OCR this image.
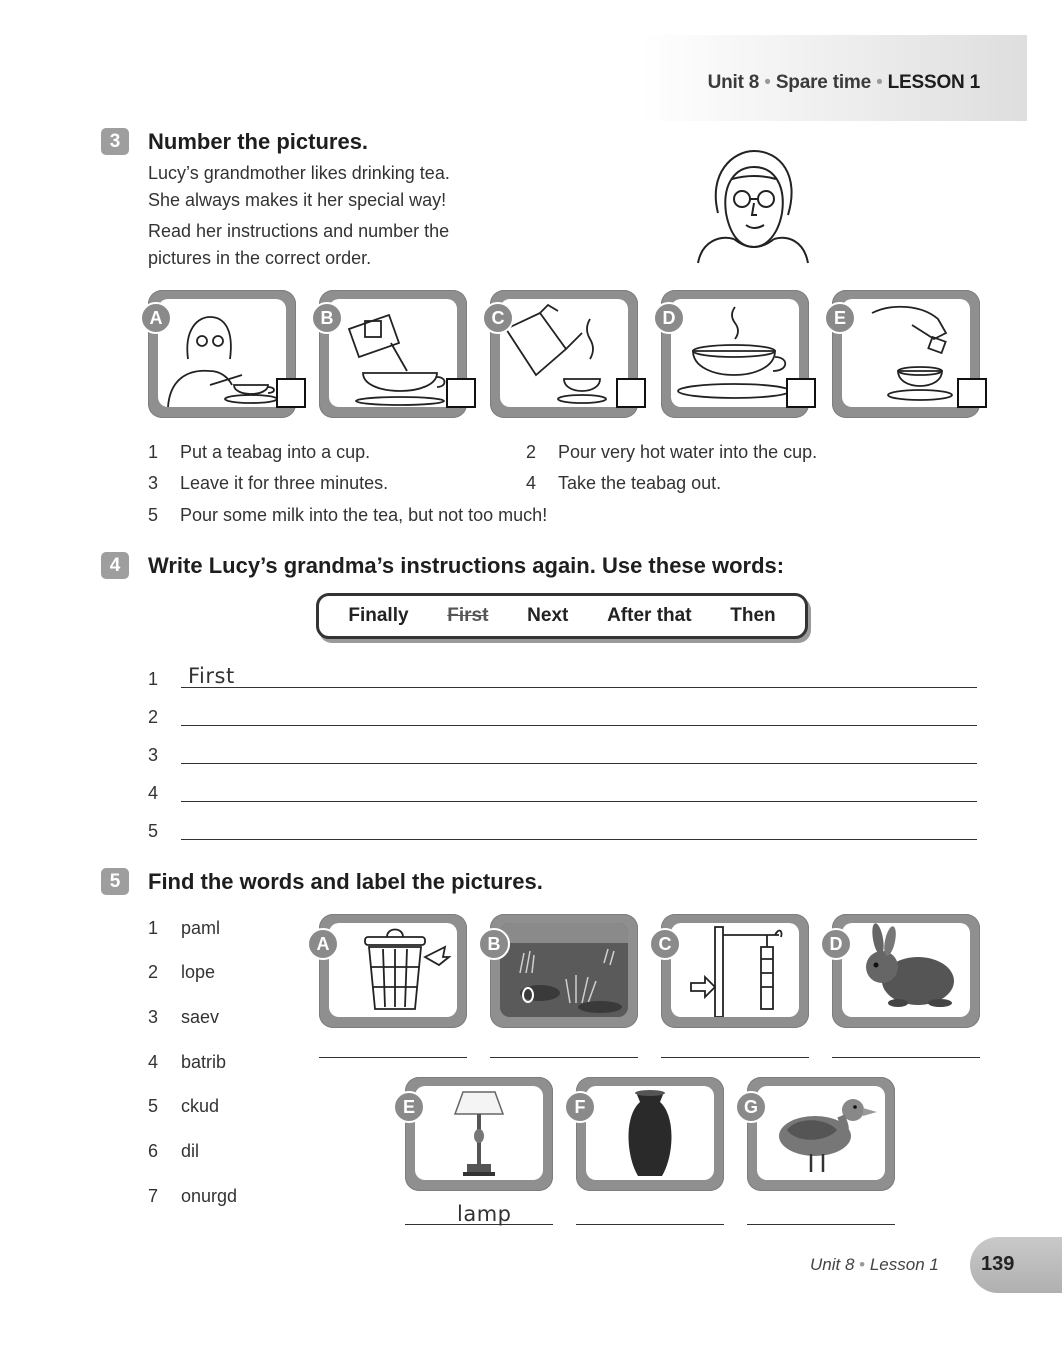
Unit 8 • Spare time • LESSON 1
3	Number the pictures.
Lucy’s grandmother likes drinking tea.
She always makes it her special way!
Read her instructions and number the
pictures in the correct order.
A	B	C	D	E
1 Put a teabag into a cup.	2 Pour very hot water into the cup.
3 Leave it for three minutes.	4 Take the teabag out.
5 Pour some milk into the tea, but not too much!
4	Write Lucy’s grandma’s instructions again. Use these words:
Finally First Next After that Then
1 First
2
3
4
5
5	Find the words and label the pictures.
1 paml
2 lope
3 saev
4 batrib
5 ckud
6 dil
7 onurgd
A	B	C	D
E
lamp
F	G
Unit 8 • Lesson 1 139
